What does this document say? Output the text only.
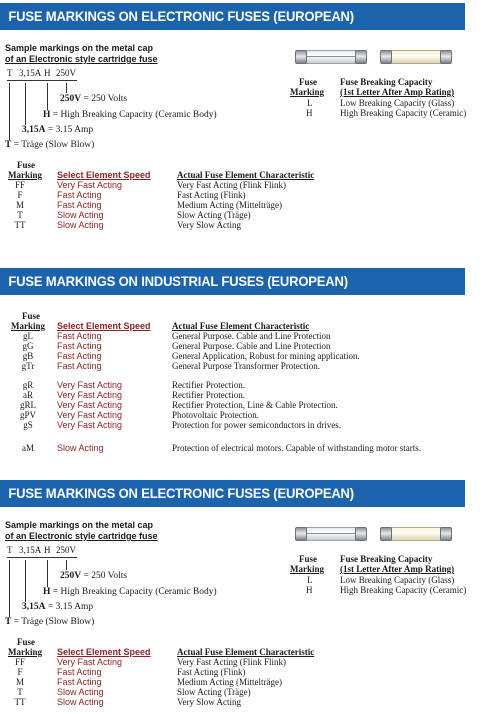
FUSE MARKINGS ON ELECTRONIC FUSES (EUROPEAN)
Sample markings on the metal cap
of an Electronic style cartridge fuse
T 3,15A H 250V
250V = 250 Volts
H = High Breaking Capacity (Ceramic Body)
3,15A = 3.15 Amp
T = Träge (Slow Blow)
Fuse
Marking
Fuse Breaking Capacity
(1st Letter After Amp Rating)
L	Low Breaking Capacity (Glass)
H	High Breaking Capacity (Ceramic)
Fuse
Marking Select Element Speed	Actual Fuse Element Characteristic
FF	Very Fast Acting	Very Fast Acting (Flink Flink)
F	Fast Acting	Fast Acting (Flink)
M	Fast Acting	Medium Acting (Mittelträge)
T	Slow Acting	Slow Acting (Träge)
TT	Slow Acting	Very Slow Acting
FUSE MARKINGS ON INDUSTRIAL FUSES (EUROPEAN)
Fuse
Marking Select Element Speed Actual Fuse Element Characteristic
gL	Fast Acting	General Purpose. Cable and Line Protection
gG	Fast Acting	General Purpose. Cable and Line Protection
gB	Fast Acting	General Application, Robust for mining application.
gTr	Fast Acting	General Purpose Transformer Protection.
gR	Very Fast Acting	Rectifier Protection.
aR	Very Fast Acting	Rectifier Protection.
gRL	Very Fast Acting	Rectifier Protection, Line & Cable Protection.
gPV	Very Fast Acting	Photovoltaic Protection.
gS	Very Fast Acting	Protection for power semiconductors in drives.
aM	Slow Acting	Protection of electrical motors. Capable of withstanding motor starts.
FUSE MARKINGS ON ELECTRONIC FUSES (EUROPEAN)
Sample markings on the metal cap
of an Electronic style cartridge fuse
T 3,15A H 250V
250V = 250 Volts
H = High Breaking Capacity (Ceramic Body)
3,15A = 3.15 Amp
T = Träge (Slow Blow)
Fuse
Marking
Fuse Breaking Capacity
(1st Letter After Amp Rating)
L	Low Breaking Capacity (Glass)
H	High Breaking Capacity (Ceramic)
Fuse
Marking Select Element Speed	Actual Fuse Element Characteristic
FF	Very Fast Acting	Very Fast Acting (Flink Flink)
F	Fast Acting	Fast Acting (Flink)
M	Fast Acting	Medium Acting (Mittelträge)
T	Slow Acting	Slow Acting (Träge)
TT	Slow Acting	Very Slow Acting
